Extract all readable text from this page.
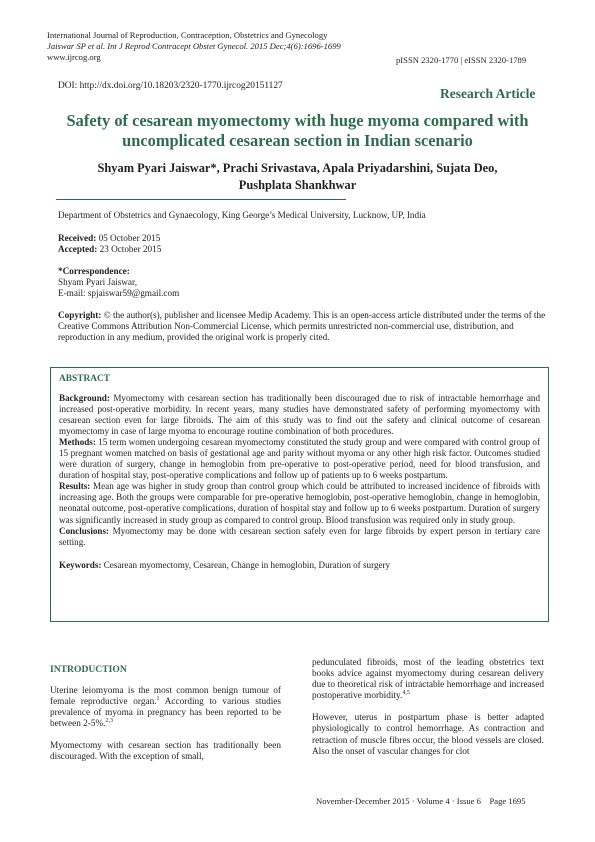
International Journal of Reproduction, Contraception, Obstetrics and Gynecology
Jaiswar SP et al. Int J Reprod Contracept Obstet Gynecol. 2015 Dec;4(6):1696-1699
www.ijrcog.org	pISSN 2320-1770 | eISSN 2320-1789
DOI: http://dx.doi.org/10.18203/2320-1770.ijrcog20151127	Research Article
Safety of cesarean myomectomy with huge myoma compared with
uncomplicated cesarean section in Indian scenario
Shyam Pyari Jaiswar*, Prachi Srivastava, Apala Priyadarshini, Sujata Deo,
Pushplata Shankhwar
Department of Obstetrics and Gynaecology, King George’s Medical University, Lucknow, UP, India
Received: 05 October 2015
Accepted: 23 October 2015
*Correspondence:
Shyam Pyari Jaiswar,
E-mail: spjaiswar59@gmail.com
Copyright: © the author(s), publisher and licensee Medip Academy. This is an open-access article distributed under the terms of the Creative Commons Attribution Non-Commercial License, which permits unrestricted non-commercial use, distribution, and reproduction in any medium, provided the original work is properly cited.
ABSTRACT
Background: Myomectomy with cesarean section has traditionally been discouraged due to risk of intractable hemorrhage and increased post-operative morbidity. In recent years, many studies have demonstrated safety of performing myomectomy with cesarean section even for large fibroids. The aim of this study was to find out the safety and clinical outcome of cesarean myomectomy in case of large myoma to encourage routine combination of both procedures.
Methods: 15 term women undergoing cesarean myomectomy constituted the study group and were compared with control group of 15 pregnant women matched on basis of gestational age and parity without myoma or any other high risk factor. Outcomes studied were duration of surgery, change in hemoglobin from pre-operative to post-operative period, need for blood transfusion, and duration of hospital stay, post-operative complications and follow up of patients up to 6 weeks postpartum.
Results: Mean age was higher in study group than control group which could be attributed to increased incidence of fibroids with increasing age. Both the groups were comparable for pre-operative hemoglobin, post-operative hemoglobin, change in hemoglobin, neonatal outcome, post-operative complications, duration of hospital stay and follow up to 6 weeks postpartum. Duration of surgery was significantly increased in study group as compared to control group. Blood transfusion was required only in study group.
Conclusions: Myomectomy may be done with cesarean section safely even for large fibroids by expert person in tertiary care setting.
Keywords: Cesarean myomectomy, Cesarean, Change in hemoglobin, Duration of surgery
INTRODUCTION
Uterine leiomyoma is the most common benign tumour of female reproductive organ.$^1$ According to various studies prevalence of myoma in pregnancy has been reported to be between 2-5%.$^{2,3}$
Myomectomy with cesarean section has traditionally been discouraged. With the exception of small,
pedunculated fibroids, most of the leading obstetrics text books advice against myomectomy during cesarean delivery due to theoretical risk of intractable hemorrhage and increased postoperative morbidity.$^{4,5}$
However, uterus in postpartum phase is better adapted physiologically to control hemorrhage. As contraction and retraction of muscle fibres occur, the blood vessels are closed. Also the onset of vascular changes for clot
November-December 2015 · Volume 4 · Issue 6    Page 1695
